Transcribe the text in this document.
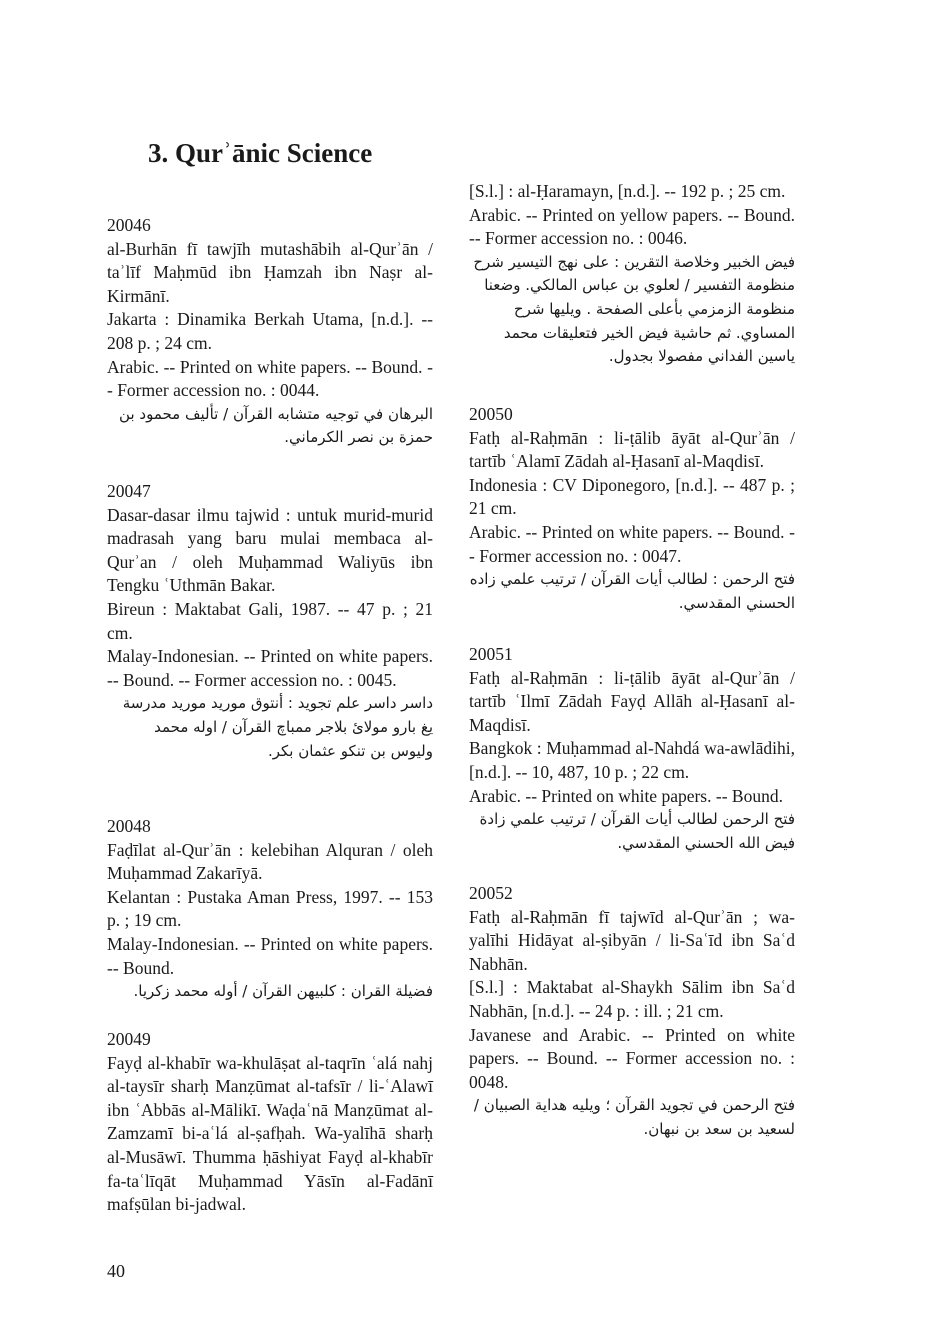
3. Qurʾānic Science

20046

al-Burhān fī tawjīh mutashābih al-Qurʾān / taʾlīf Maḥmūd ibn Ḥamzah ibn Naṣr al-Kirmānī.

Jakarta : Dinamika Berkah Utama, [n.d.]. -- 208 p. ; 24 cm.

Arabic. -- Printed on white papers. -- Bound. -- Former accession no. : 0044.

البرهان في توجيه متشابه القرآن / تأليف محمود بن حمزة بن نصر الكرماني.

20047

Dasar-dasar ilmu tajwid : untuk murid-murid madrasah yang baru mulai membaca al-Qurʾan / oleh Muḥammad Waliyūs ibn Tengku ʿUthmān Bakar.

Bireun : Maktabat Gali, 1987. -- 47 p. ; 21 cm.

Malay-Indonesian. -- Printed on white papers. -- Bound. -- Former accession no. : 0045.

داسر داسر علم تجويد : أنتوق موريد موريد مدرسة يغ بارو مولائ بلاجر ممباچ القرآن / اوله محمد وليوس بن تنكو عثمان بكر.

20048

Faḍīlat al-Qurʾān : kelebihan Alquran / oleh Muḥammad Zakarīyā.

Kelantan : Pustaka Aman Press, 1997. -- 153 p. ; 19 cm.

Malay-Indonesian. -- Printed on white papers. -- Bound.

فضيلة القران : كلبيهن القرآن / أوله محمد زكريا.

20049

Fayḍ al-khabīr wa-khulāṣat al-taqrīn ʿalá nahj al-taysīr sharḥ Manẓūmat al-tafsīr / li-ʿAlawī ibn ʿAbbās al-Mālikī. Waḍaʿnā Manẓūmat al-Zamzamī bi-aʿlá al-ṣafḥah. Wa-yalīhā sharḥ al-Musāwī. Thumma ḥāshiyat Fayḍ al-khabīr fa-taʿlīqāt Muḥammad Yāsīn al-Fadānī mafṣūlan bi-jadwal.

[S.l.] : al-Ḥaramayn, [n.d.]. -- 192 p. ; 25 cm.

Arabic. -- Printed on yellow papers. -- Bound. -- Former accession no. : 0046.

فيض الخبير وخلاصة التقرين : على نهج التيسير شرح منظومة التفسير / لعلوي بن عباس المالكي. وضعنا منظومة الزمزمي بأعلى الصفحة . ويليها شرح المساوي. ثم حاشية فيض الخير فتعليقات محمد ياسين الفداني مفصولا بجدول.

20050

Fatḥ al-Raḥmān : li-ṭālib āyāt al-Qurʾān / tartīb ʿAlamī Zādah al-Ḥasanī al-Maqdisī.

Indonesia : CV Diponegoro, [n.d.]. -- 487 p. ; 21 cm.

Arabic. -- Printed on white papers. -- Bound. -- Former accession no. : 0047.

فتح الرحمن : لطالب أيات القرآن / ترتيب علمي زاده الحسني المقدسي.

20051

Fatḥ al-Raḥmān : li-ṭālib āyāt al-Qurʾān / tartīb ʿIlmī Zādah Fayḍ Allāh al-Ḥasanī al-Maqdisī.

Bangkok : Muḥammad al-Nahdá wa-awlādihi, [n.d.]. -- 10, 487, 10 p. ; 22 cm.

Arabic. -- Printed on white papers. -- Bound.

فتح الرحمن لطالب أيات القرآن / ترتيب علمي زادة فيض الله الحسني المقدسي.

20052

Fatḥ al-Raḥmān fī tajwīd al-Qurʾān ; wa-yalīhi Hidāyat al-ṣibyān / li-Saʿīd ibn Saʿd Nabhān.

[S.l.] : Maktabat al-Shaykh Sālim ibn Saʿd Nabhān, [n.d.]. -- 24 p. : ill. ; 21 cm.

Javanese and Arabic. -- Printed on white papers. -- Bound. -- Former accession no. : 0048.

فتح الرحمن في تجويد القرآن ؛ ويليه هداية الصبيان / لسعيد بن سعد بن نبهان.

40
